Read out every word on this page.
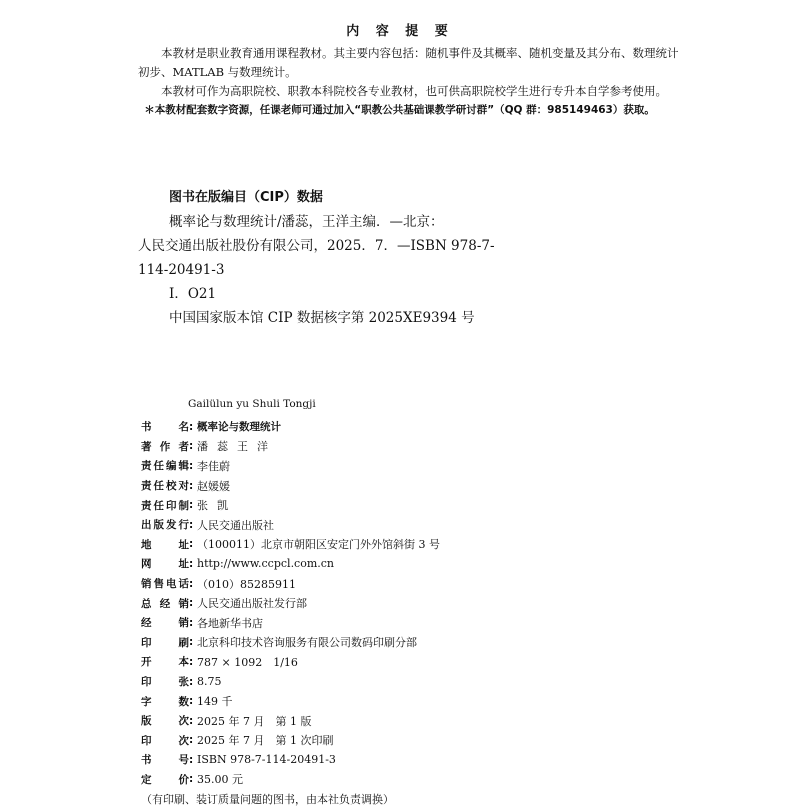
内 容 提 要

本教材是职业教育通用课程教材。其主要内容包括：随机事件及其概率、随机变量及其分布、数理统计初步、MATLAB 与数理统计。

本教材可作为高职院校、职教本科院校各专业教材，也可供高职院校学生进行专升本自学参考使用。

＊本教材配套数字资源，任课老师可通过加入“职教公共基础课教学研讨群”（QQ 群：985149463）获取。

图书在版编目（CIP）数据
概率论与数理统计/潘蕊，王洋主编．—北京：
人民交通出版社股份有限公司，2025．7．—ISBN 978-7-
114-20491-3
Ⅰ．O21
中国国家版本馆 CIP 数据核字第 2025XE9394 号
Gailülun yu Shuli Tongji
书名 : 概率论与数理统计
著作者 : 潘蕊王洋
责任编辑 : 李佳蔚
责任校对 : 赵媛媛
责任印制 : 张凯
出版发行 : 人民交通出版社
地址 : （100011）北京市朝阳区安定门外外馆斜街 3 号
网址 : http://www.ccpcl.com.cn
销售电话 : （010）85285911
总经销 : 人民交通出版社发行部
经销 : 各地新华书店
印刷 : 北京科印技术咨询服务有限公司数码印刷分部
开本 : 787 × 1092　1/16
印张 : 8.75
字数 : 149 千
版次 : 2025 年 7 月　第 1 版
印次 : 2025 年 7 月　第 1 次印刷
书号 : ISBN 978-7-114-20491-3
定价 : 35.00 元
（有印刷、装订质量问题的图书，由本社负责调换）
